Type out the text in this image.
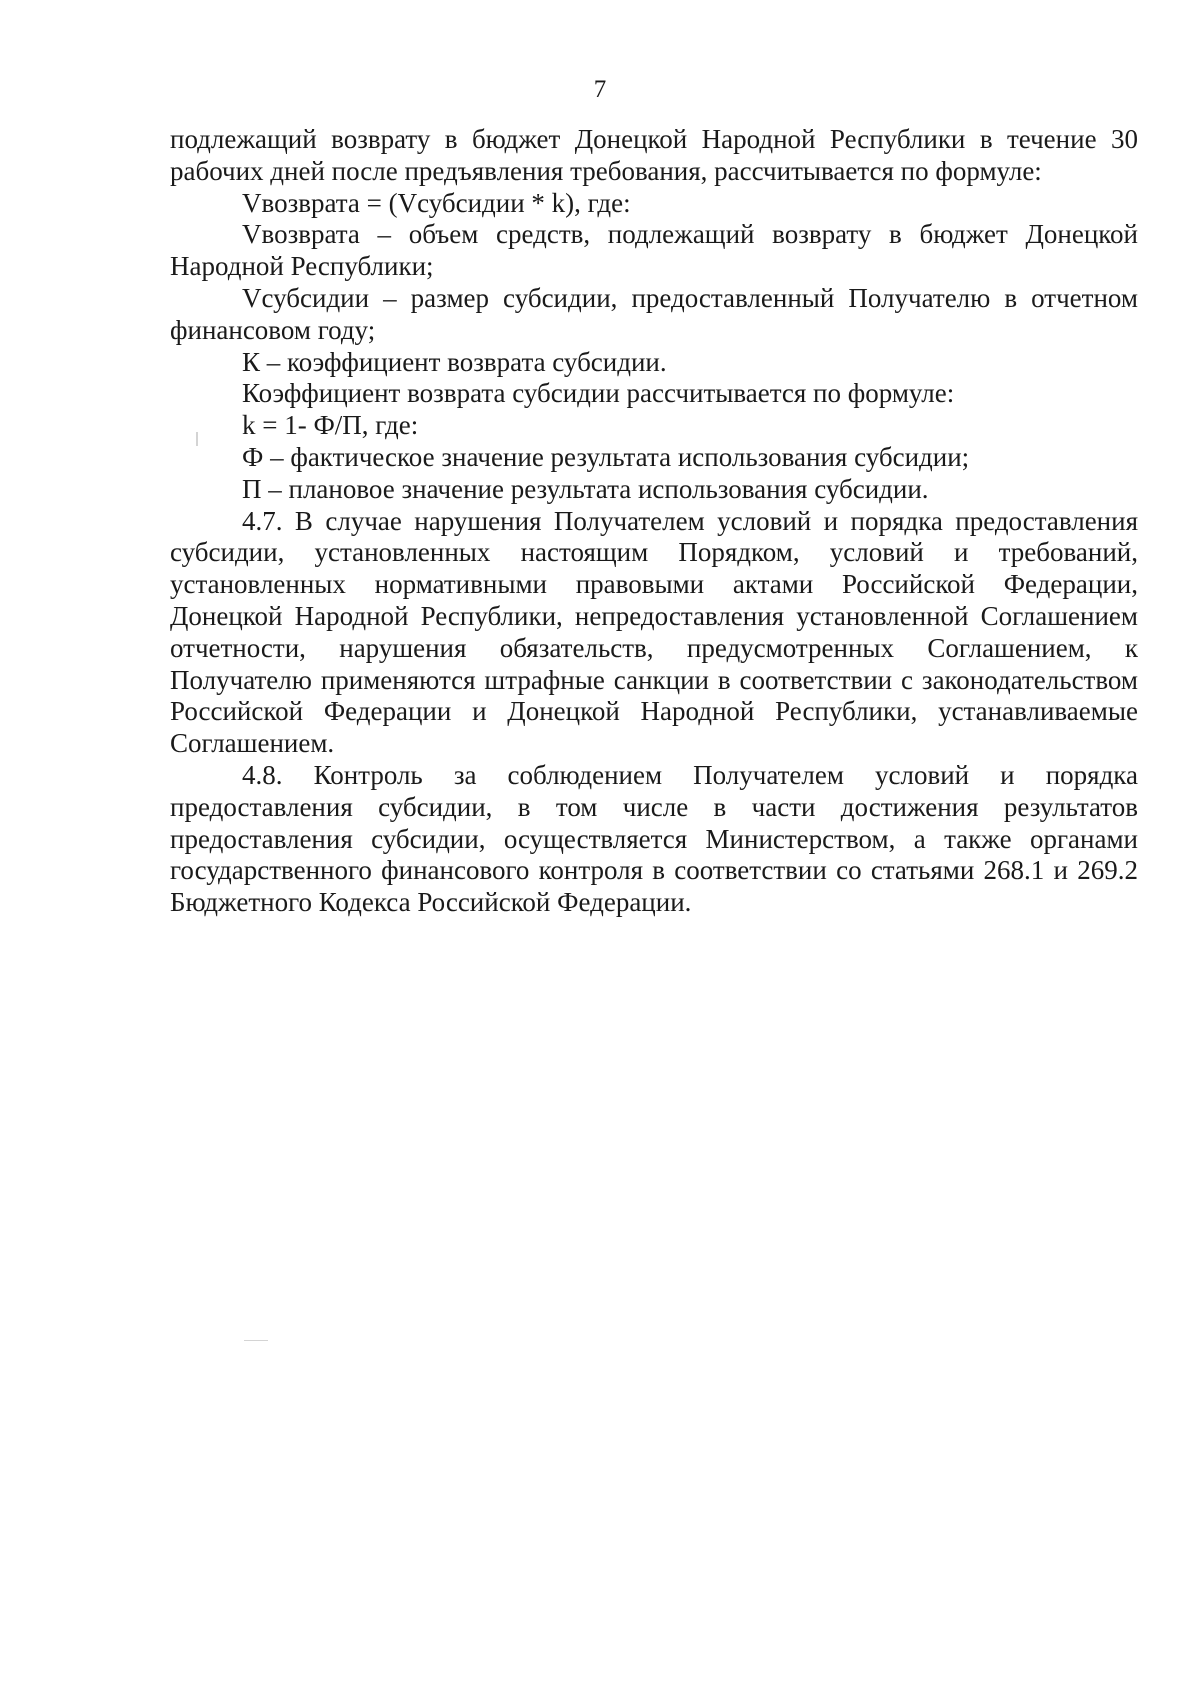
7

подлежащий возврату в бюджет Донецкой Народной Республики в течение 30 рабочих дней после предъявления требования, рассчитывается по формуле:

Vвозврата = (Vсубсидии * k), где:

Vвозврата – объем средств, подлежащий возврату в бюджет Донецкой Народной Республики;

Vсубсидии – размер субсидии, предоставленный Получателю в отчетном финансовом году;

К – коэффициент возврата субсидии.

Коэффициент возврата субсидии рассчитывается по формуле:

k = 1- Ф/П, где:

Ф – фактическое значение результата использования субсидии;

П – плановое значение результата использования субсидии.

4.7. В случае нарушения Получателем условий и порядка предоставления субсидии, установленных настоящим Порядком, условий и требований, установленных нормативными правовыми актами Российской Федерации, Донецкой Народной Республики, непредоставления установленной Соглашением отчетности, нарушения обязательств, предусмотренных Соглашением, к Получателю применяются штрафные санкции в соответствии с законодательством Российской Федерации и Донецкой Народной Республики, устанавливаемые Соглашением.

4.8. Контроль за соблюдением Получателем условий и порядка предоставления субсидии, в том числе в части достижения результатов предоставления субсидии, осуществляется Министерством, а также органами государственного финансового контроля в соответствии со статьями 268.1 и 269.2 Бюджетного Кодекса Российской Федерации.
